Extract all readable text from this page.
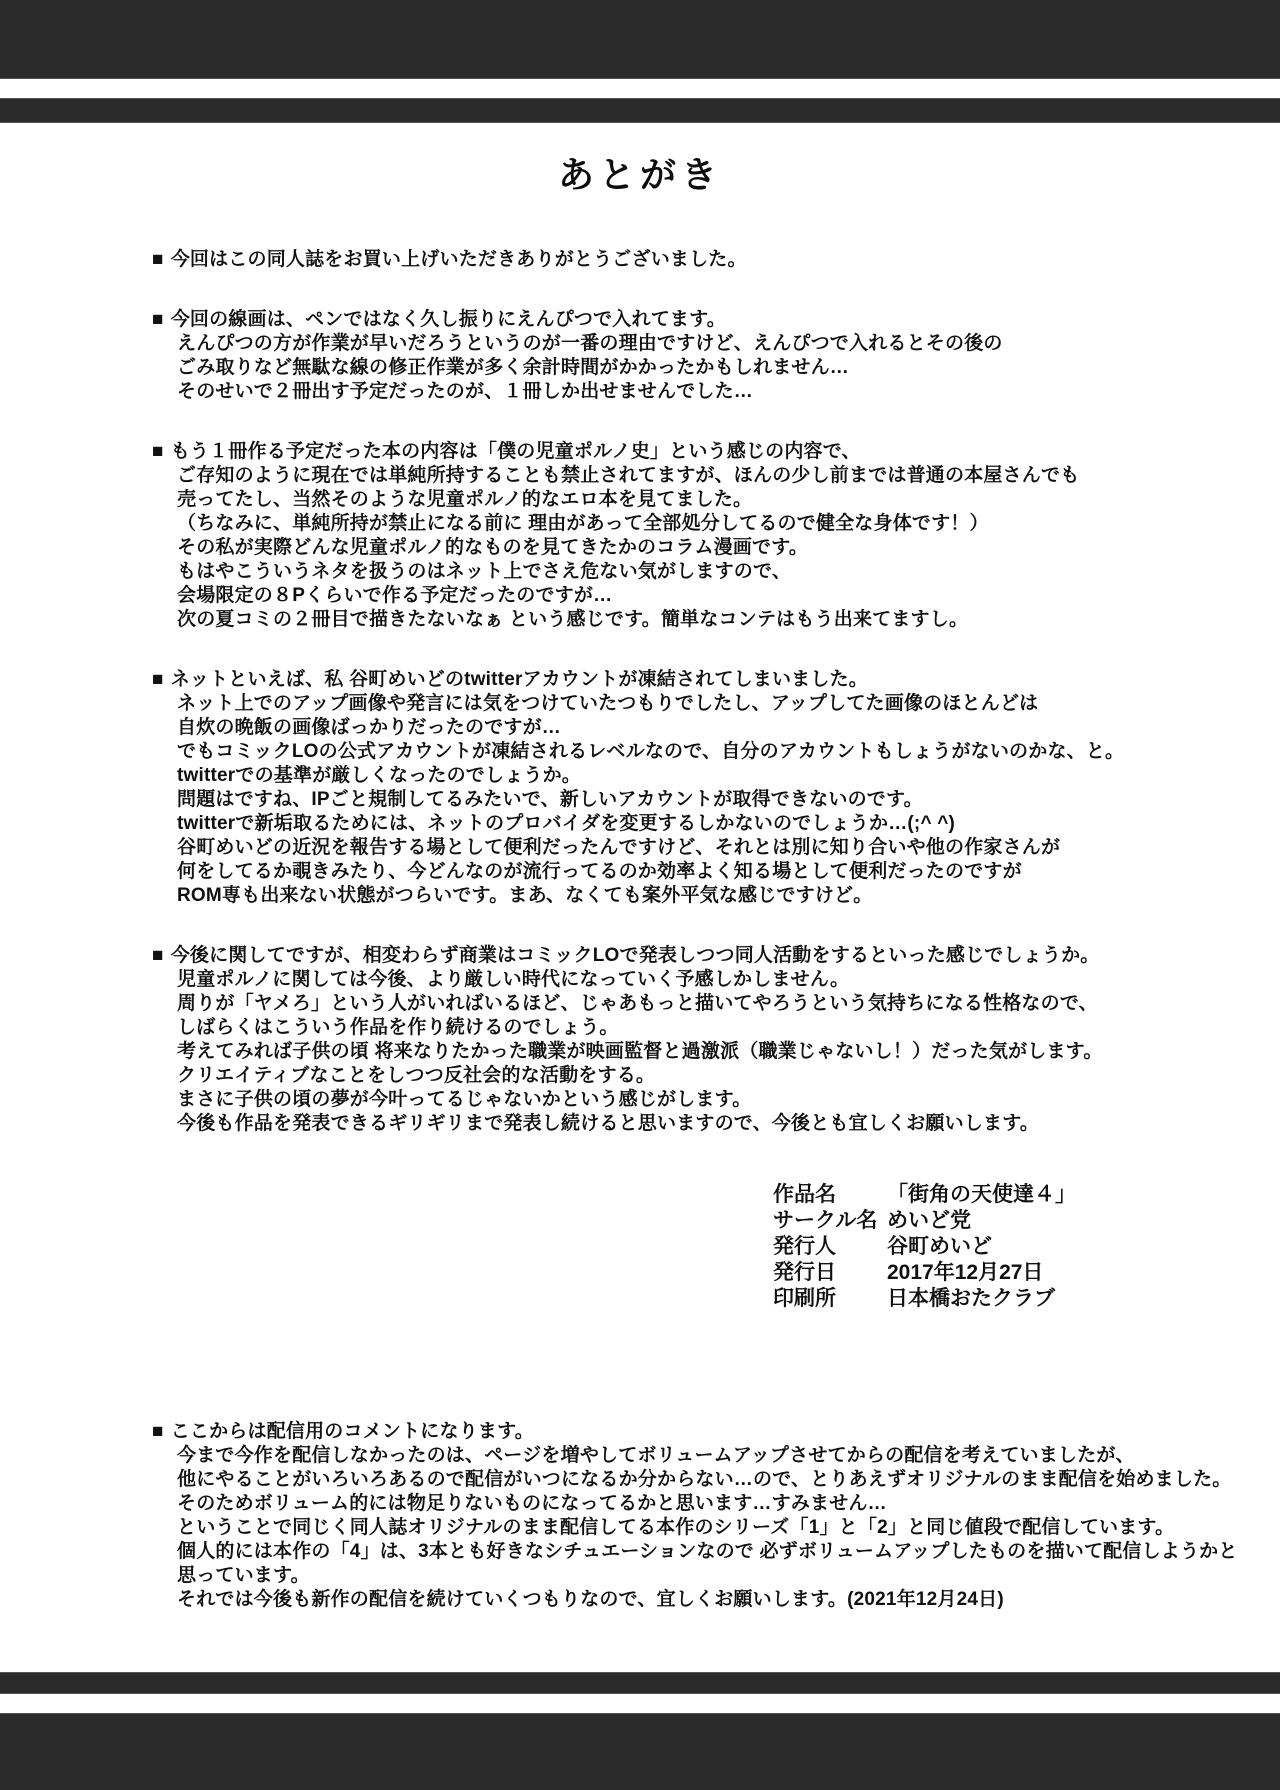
あとがき
■ 今回はこの同人誌をお買い上げいただきありがとうございました。
■ 今回の線画は、ペンではなく久し振りにえんぴつで入れてます。
えんぴつの方が作業が早いだろうというのが一番の理由ですけど、えんぴつで入れるとその後の
ごみ取りなど無駄な線の修正作業が多く余計時間がかかったかもしれません…
そのせいで２冊出す予定だったのが、１冊しか出せませんでした…
■ もう１冊作る予定だった本の内容は「僕の児童ポルノ史」という感じの内容で、
ご存知のように現在では単純所持することも禁止されてますが、ほんの少し前までは普通の本屋さんでも
売ってたし、当然そのような児童ポルノ的なエロ本を見てました。
（ちなみに、単純所持が禁止になる前に 理由があって全部処分してるので健全な身体です！）
その私が実際どんな児童ポルノ的なものを見てきたかのコラム漫画です。
もはやこういうネタを扱うのはネット上でさえ危ない気がしますので、
会場限定の８Pくらいで作る予定だったのですが…
次の夏コミの２冊目で描きたないなぁ という感じです。簡単なコンテはもう出来てますし。
■ ネットといえば、私 谷町めいどのtwitterアカウントが凍結されてしまいました。
ネット上でのアップ画像や発言には気をつけていたつもりでしたし、アップしてた画像のほとんどは
自炊の晩飯の画像ばっかりだったのですが…
でもコミックLOの公式アカウントが凍結されるレベルなので、自分のアカウントもしょうがないのかな、と。
twitterでの基準が厳しくなったのでしょうか。
問題はですね、IPごと規制してるみたいで、新しいアカウントが取得できないのです。
twitterで新垢取るためには、ネットのプロバイダを変更するしかないのでしょうか…(;^ ^)
谷町めいどの近況を報告する場として便利だったんですけど、それとは別に知り合いや他の作家さんが
何をしてるか覗きみたり、今どんなのが流行ってるのか効率よく知る場として便利だったのですが
ROM専も出来ない状態がつらいです。まあ、なくても案外平気な感じですけど。
■ 今後に関してですが、相変わらず商業はコミックLOで発表しつつ同人活動をするといった感じでしょうか。
児童ポルノに関しては今後、より厳しい時代になっていく予感しかしません。
周りが「ヤメろ」という人がいればいるほど、じゃあもっと描いてやろうという気持ちになる性格なので、
しばらくはこういう作品を作り続けるのでしょう。
考えてみれば子供の頃 将来なりたかった職業が映画監督と過激派（職業じゃないし！）だった気がします。
クリエイティブなことをしつつ反社会的な活動をする。
まさに子供の頃の夢が今叶ってるじゃないかという感じがします。
今後も作品を発表できるギリギリまで発表し続けると思いますので、今後とも宜しくお願いします。
作品名	「街角の天使達４」
サークル名 めいど党
発行人	谷町めいど
発行日	2017年12月27日
印刷所	日本橋おたクラブ
■ ここからは配信用のコメントになります。
今まで今作を配信しなかったのは、ページを増やしてボリュームアップさせてからの配信を考えていましたが、
他にやることがいろいろあるので配信がいつになるか分からない…ので、とりあえずオリジナルのまま配信を始めました。
そのためボリューム的には物足りないものになってるかと思います…すみません…
ということで同じく同人誌オリジナルのまま配信してる本作のシリーズ「1」と「2」と同じ値段で配信しています。
個人的には本作の「4」は、3本とも好きなシチュエーションなので 必ずボリュームアップしたものを描いて配信しようかと
思っています。
それでは今後も新作の配信を続けていくつもりなので、宜しくお願いします。(2021年12月24日)
